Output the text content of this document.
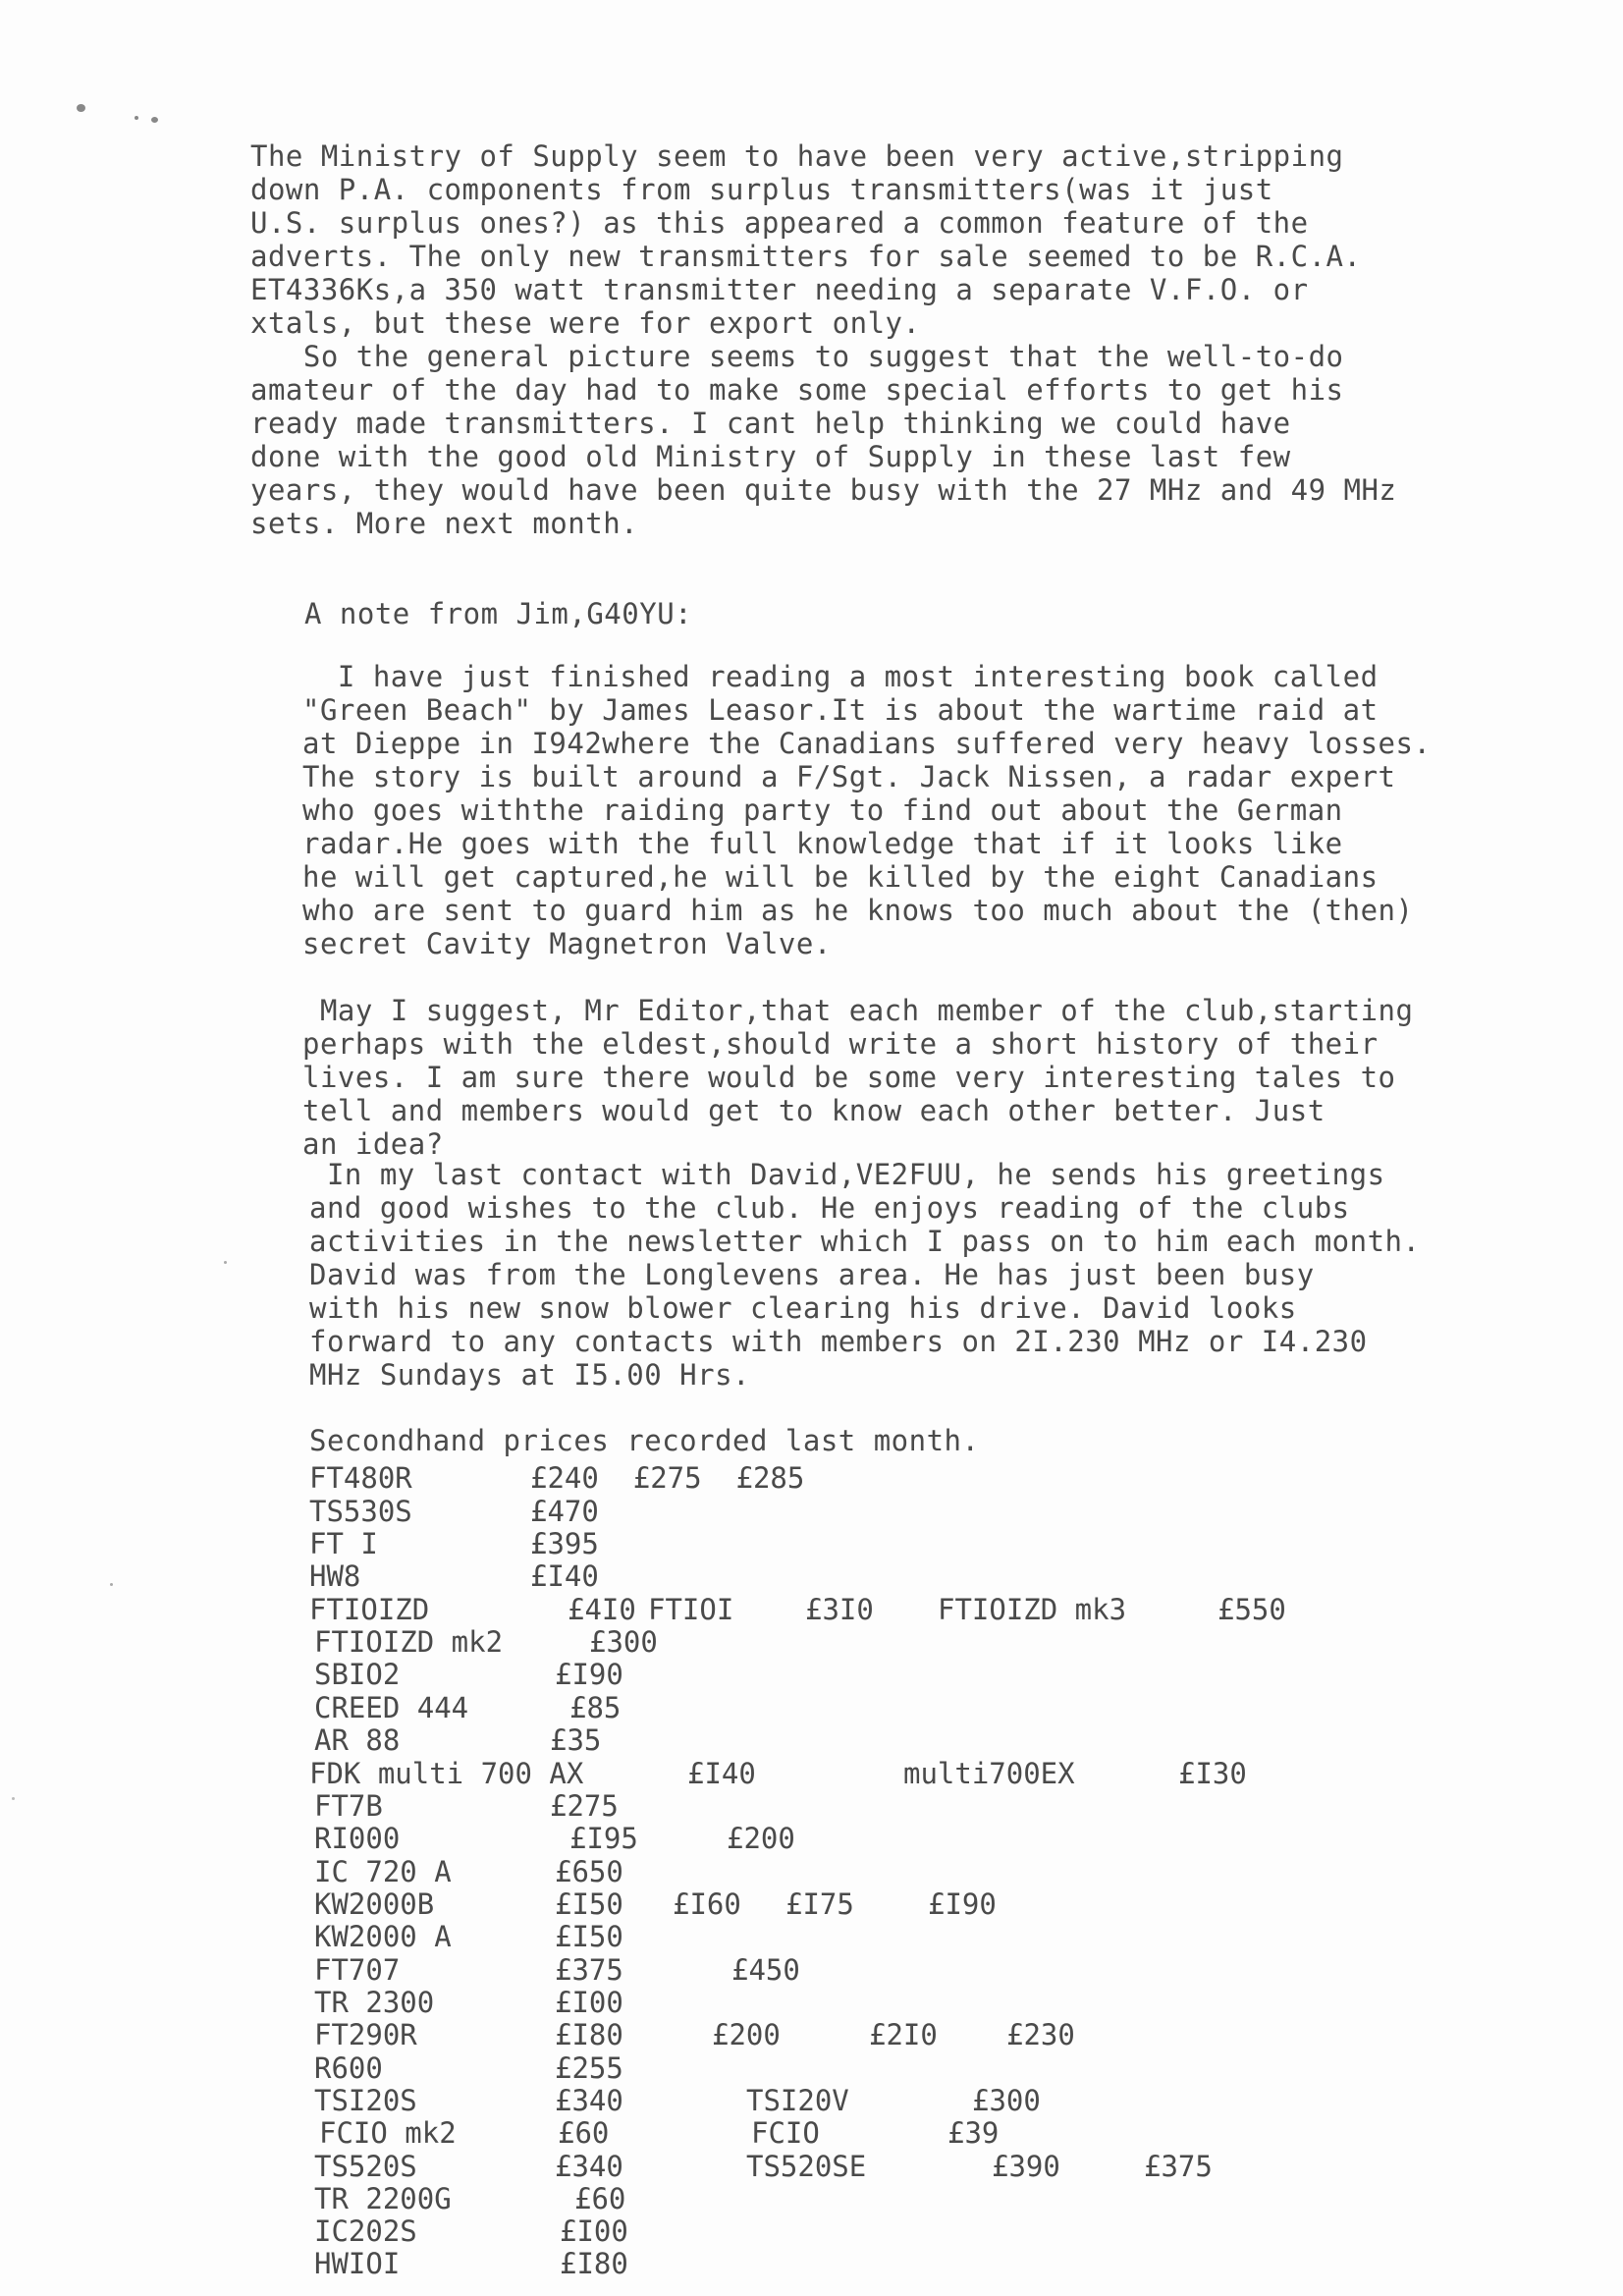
The Ministry of Supply seem to have been very active,stripping
down P.A. components from surplus transmitters(was it just
U.S. surplus ones?) as this appeared a common feature of the
adverts. The only new transmitters for sale seemed to be R.C.A.
ET4336Ks,a 350 watt transmitter needing a separate V.F.O. or
xtals, but these were for export only.
So the general picture seems to suggest that the well-to-do
amateur of the day had to make some special efforts to get his
ready made transmitters. I cant help thinking we could have
done with the good old Ministry of Supply in these last few
years, they would have been quite busy with the 27 MHz and 49 MHz
sets. More next month.
A note from Jim,G40YU:
I have just finished reading a most interesting book called
"Green Beach" by James Leasor.It is about the wartime raid at
at Dieppe in I942where the Canadians suffered very heavy losses.
The story is built around a F/Sgt. Jack Nissen, a radar expert
who goes withthe raiding party to find out about the German
radar.He goes with the full knowledge that if it looks like
he will get captured,he will be killed by the eight Canadians
who are sent to guard him as he knows too much about the (then)
secret Cavity Magnetron Valve.
May I suggest, Mr Editor,that each member of the club,starting
perhaps with the eldest,should write a short history of their
lives. I am sure there would be some very interesting tales to
tell and members would get to know each other better. Just
an idea?
In my last contact with David,VE2FUU, he sends his greetings
and good wishes to the club. He enjoys reading of the clubs
activities in the newsletter which I pass on to him each month.
David was from the Longlevens area. He has just been busy
with his new snow blower clearing his drive. David looks
forward to any contacts with members on 2I.230 MHz or I4.230
MHz Sundays at I5.00 Hrs.
Secondhand prices recorded last month.
FT480R	£240  £275  £285
TS530S	£470
FT I	£395
HW8	£I40
FTIOIZD	£4I0 FTIOI	£3I0 FTIOIZD mk3	£550
FTIOIZD mk2	£300
SBIO2	£I90
CREED 444	£85
AR 88	£35
FDK multi 700 AX	£I40	multi700EX	£I30
FT7B	£275
RI000	£I95	£200
IC 720 A	£650
KW2000B	£I50 £I60 £I75	£I90
KW2000 A	£I50
FT707	£375	£450
TR 2300	£I00
FT290R	£I80	£200	£2I0 £230
R600	£255
TSI20S	£340	TSI20V	£300
FCIO mk2	£60	FCIO	£39
TS520S	£340	TS520SE	£390	£375
TR 2200G	£60
IC202S	£I00
HWIOI	£I80
